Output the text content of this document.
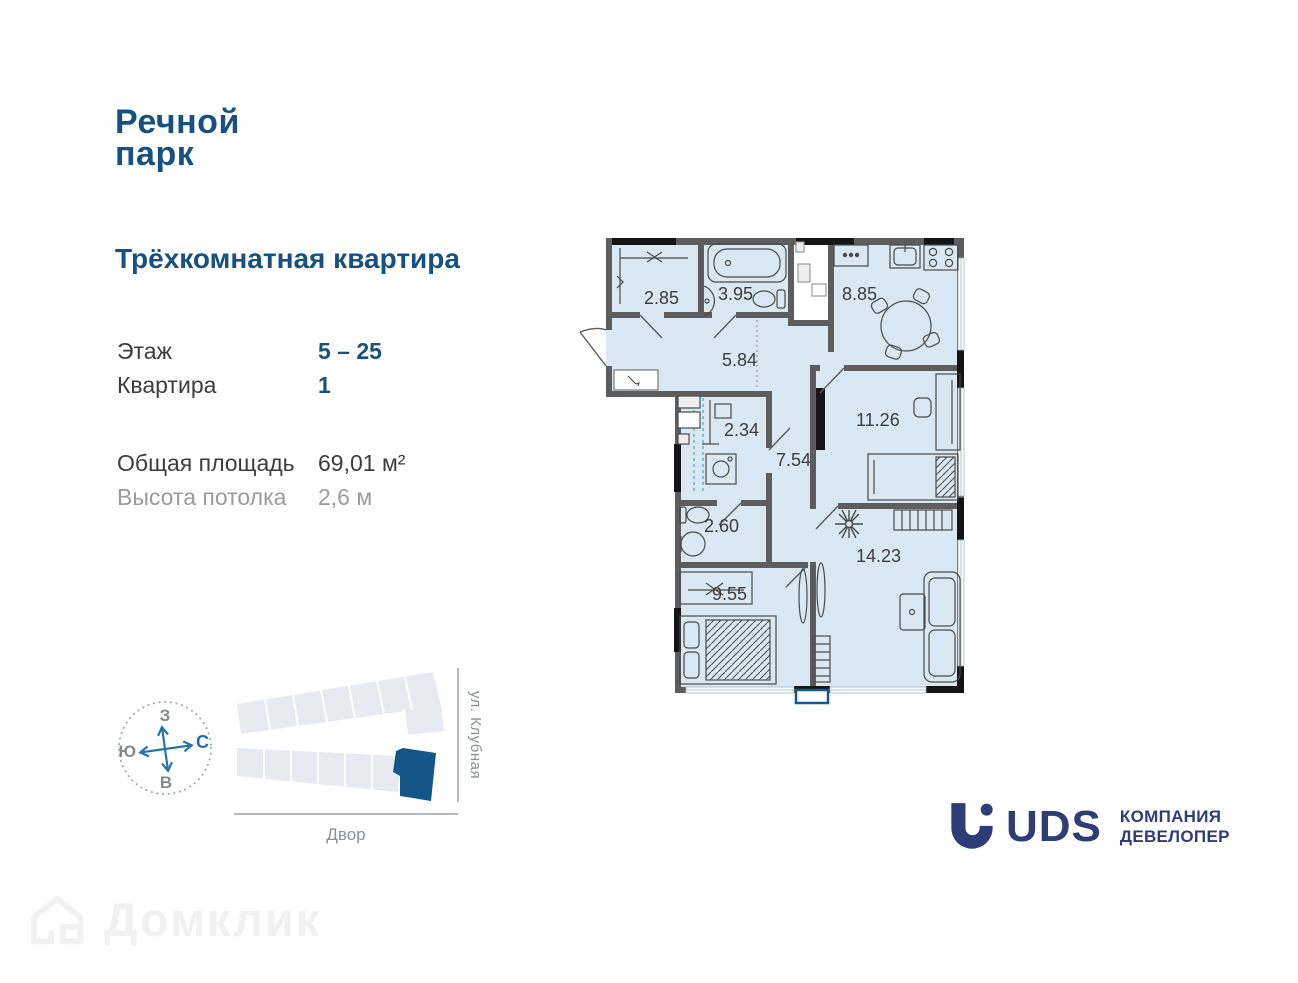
Речной
парк
Трёхкомнатная квартира
Этаж	5 – 25
Квартира	1
Общая площадь	69,01 м²
Высота потолка	2,6 м
2.85 3.95	8.85
5.84
2.34	11.26
7.54
2.60
9.55
14.23
З
С
Ю
В
ул. Клубная
Двор	UDS КОМПАНИЯ
ДЕВЕЛОПЕР
Домклик
